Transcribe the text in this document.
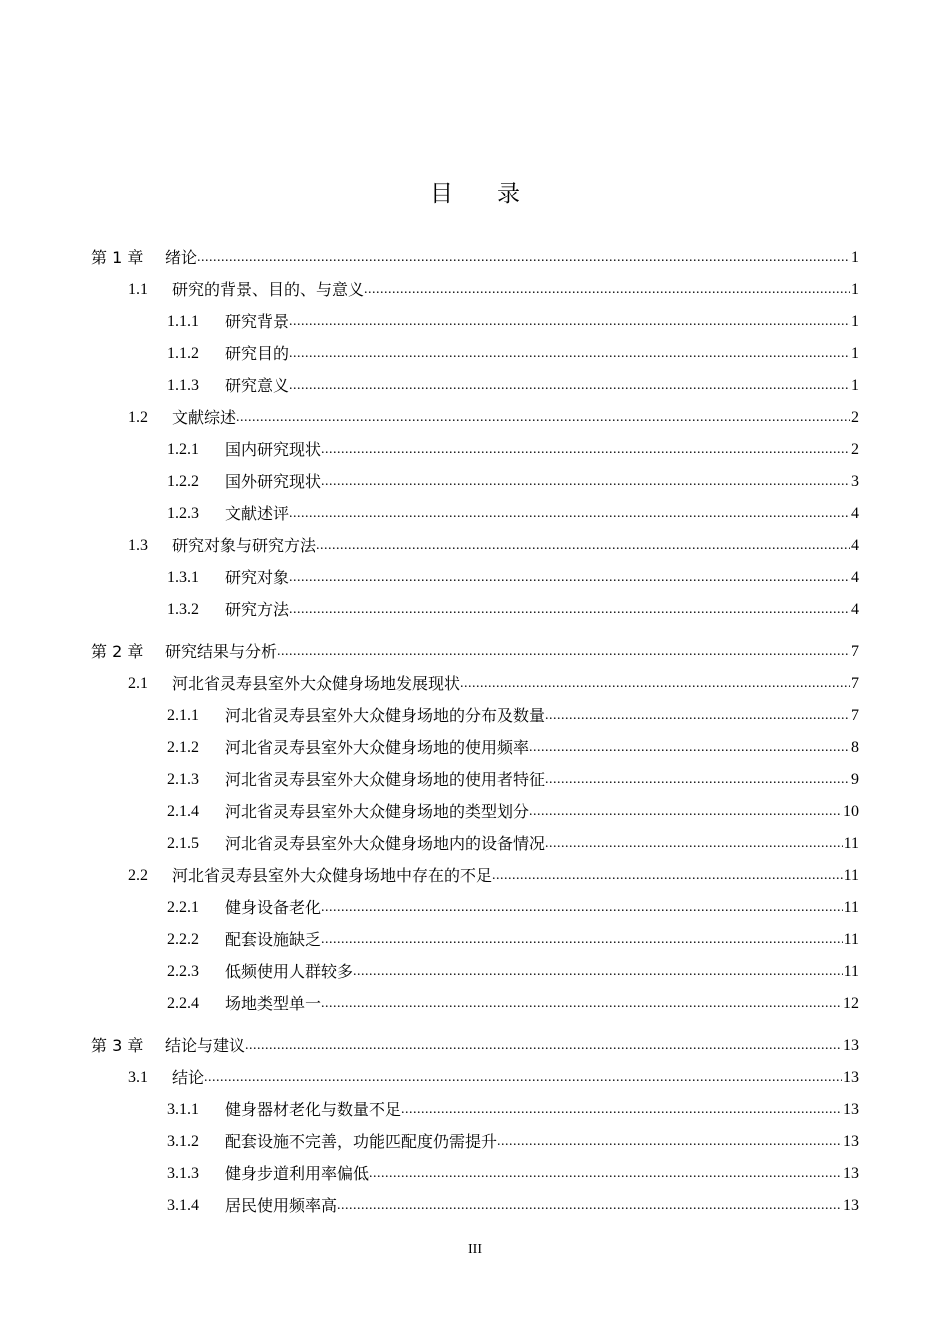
目录
第 1 章	绪论 .....	1
1.1	研究的背景、目的、与意义 .....	1
1.1.1	研究背景 .....	1
1.1.2	研究目的 .....	1
1.1.3	研究意义 .....	1
1.2	文献综述 .....	2
1.2.1	国内研究现状 .....	2
1.2.2	国外研究现状 .....	3
1.2.3	文献述评 .....	4
1.3	研究对象与研究方法 .....	4
1.3.1	研究对象 .....	4
1.3.2	研究方法 .....	4
第 2 章	研究结果与分析 .....	7
2.1	河北省灵寿县室外大众健身场地发展现状 .....	7
2.1.1	河北省灵寿县室外大众健身场地的分布及数量 .....	7
2.1.2	河北省灵寿县室外大众健身场地的使用频率 .....	8
2.1.3	河北省灵寿县室外大众健身场地的使用者特征 .....	9
2.1.4	河北省灵寿县室外大众健身场地的类型划分 .....	10
2.1.5	河北省灵寿县室外大众健身场地内的设备情况 .....	11
2.2	河北省灵寿县室外大众健身场地中存在的不足 .....	11
2.2.1	健身设备老化 .....	11
2.2.2	配套设施缺乏 .....	11
2.2.3	低频使用人群较多 .....	11
2.2.4	场地类型单一 .....	12
第 3 章	结论与建议 .....	13
3.1	结论 .....	13
3.1.1	健身器材老化与数量不足 .....	13
3.1.2	配套设施不完善，功能匹配度仍需提升 .....	13
3.1.3	健身步道利用率偏低 .....	13
3.1.4	居民使用频率高 .....	13
III
